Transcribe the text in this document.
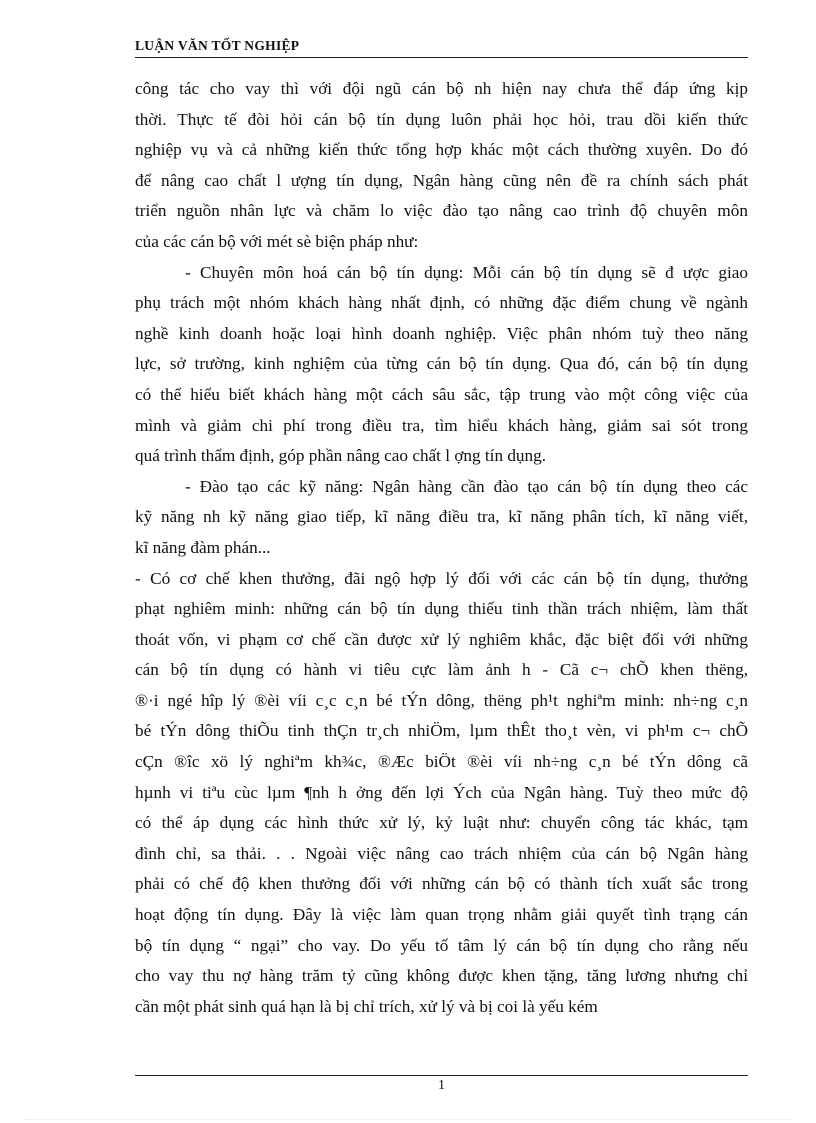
LUẬN VĂN TỐT NGHIỆP
công tác cho vay thì với đội ngũ cán bộ nh hiện nay chưa thể đáp ứng kịp
thời. Thực tế đòi hỏi cán bộ tín dụng luôn phải học hỏi, trau dồi kiến thức
nghiệp vụ và cả những kiến thức tổng hợp khác một cách thường xuyên. Do đó
để nâng cao chất l ượng tín dụng, Ngân hàng cũng nên đề ra chính sách phát
triển nguồn nhân lực và chăm lo việc đào tạo nâng cao trình độ chuyên môn
của các cán bộ với mét sè biện pháp như:
- Chuyên môn hoá cán bộ tín dụng: Mỗi cán bộ tín dụng sẽ đ ược giao
phụ trách một nhóm khách hàng nhất định, có những đặc điểm chung về ngành
nghề kinh doanh hoặc loại hình doanh nghiệp. Việc phân nhóm tuỳ theo năng
lực, sở trường, kinh nghiệm của từng cán bộ tín dụng. Qua đó, cán bộ tín dụng
có thể hiểu biết khách hàng một cách sâu sắc, tập trung vào một công việc của
mình và giảm chi phí trong điều tra, tìm hiểu khách hàng, giảm sai sót trong
quá trình thẩm định, góp phần nâng cao chất l ợng tín dụng.
- Đào tạo các kỹ năng: Ngân hàng cần đào tạo cán bộ tín dụng theo các
kỹ năng nh kỹ năng giao tiếp, kĩ năng điều tra, kĩ năng phân tích, kĩ năng viết,
kĩ năng đàm phán...
- Có cơ chế khen thưởng, đãi ngộ hợp lý đối với các cán bộ tín dụng, thưởng
phạt nghiêm minh: những cán bộ tín dụng thiếu tinh thần trách nhiệm, làm thất
thoát vốn, vi phạm cơ chế cần được xử lý nghiêm khắc, đặc biệt đối với những
cán bộ tín dụng có hành vi tiêu cực làm ảnh h - Cã c¬ chÕ khen thëng,
®·i ngé hîp lý ®èi víi c¸c c¸n bé tÝn dông, thëng ph¹t nghiªm minh: nh÷ng c¸n
bé tÝn dông thiÕu tinh thÇn tr¸ch nhiÖm, lµm thÊt tho¸t vèn, vi ph¹m c¬ chÕ
cÇn ®îc xö lý nghiªm kh¾c, ®Æc biÖt ®èi víi nh÷ng c¸n bé tÝn dông cã
hµnh vi tiªu cùc lµm ¶nh h ởng đến lợi Ých của Ngân hàng. Tuỳ theo mức độ
có thể áp dụng các hình thức xử lý, kỷ luật như: chuyển công tác khác, tạm
đình chỉ, sa thải. . . Ngoài việc nâng cao trách nhiệm của cán bộ Ngân hàng
phải có chế độ khen thưởng đối với những cán bộ có thành tích xuất sắc trong
hoạt động tín dụng. Đây là việc làm quan trọng nhằm giải quyết tình trạng cán
bộ tín dụng “ ngại” cho vay. Do yếu tố tâm lý cán bộ tín dụng cho rằng nếu
cho vay thu nợ hàng trăm tỷ cũng không được khen tặng, tăng lương nhưng chỉ
cần một phát sinh quá hạn là bị chỉ trích, xử lý và bị coi là yếu kém
1
